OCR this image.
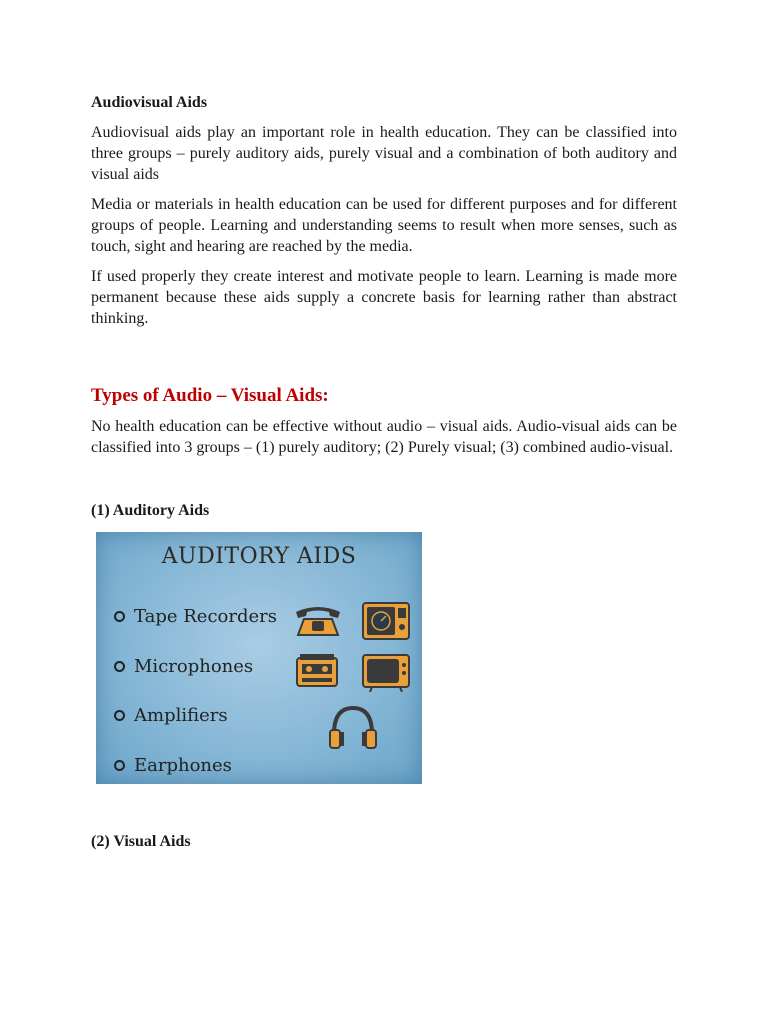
Audiovisual Aids

Audiovisual aids play an important role in health education. They can be classified into three groups – purely auditory aids, purely visual and a combination of both auditory and visual aids

Media or materials in health education can be used for different purposes and for different groups of people. Learning and understanding seems to result when more senses, such as touch, sight and hearing are reached by the media.

If used properly they create interest and motivate people to learn. Learning is made more permanent because these aids supply a concrete basis for learning rather than abstract thinking.

Types of Audio – Visual Aids:

No health education can be effective without audio – visual aids. Audio-visual aids can be classified into 3 groups – (1) purely auditory; (2) Purely visual; (3) combined audio-visual.

(1) Auditory Aids
AUDITORY AIDS
Tape Recorders
Microphones
Amplifiers
Earphones
(2) Visual Aids
